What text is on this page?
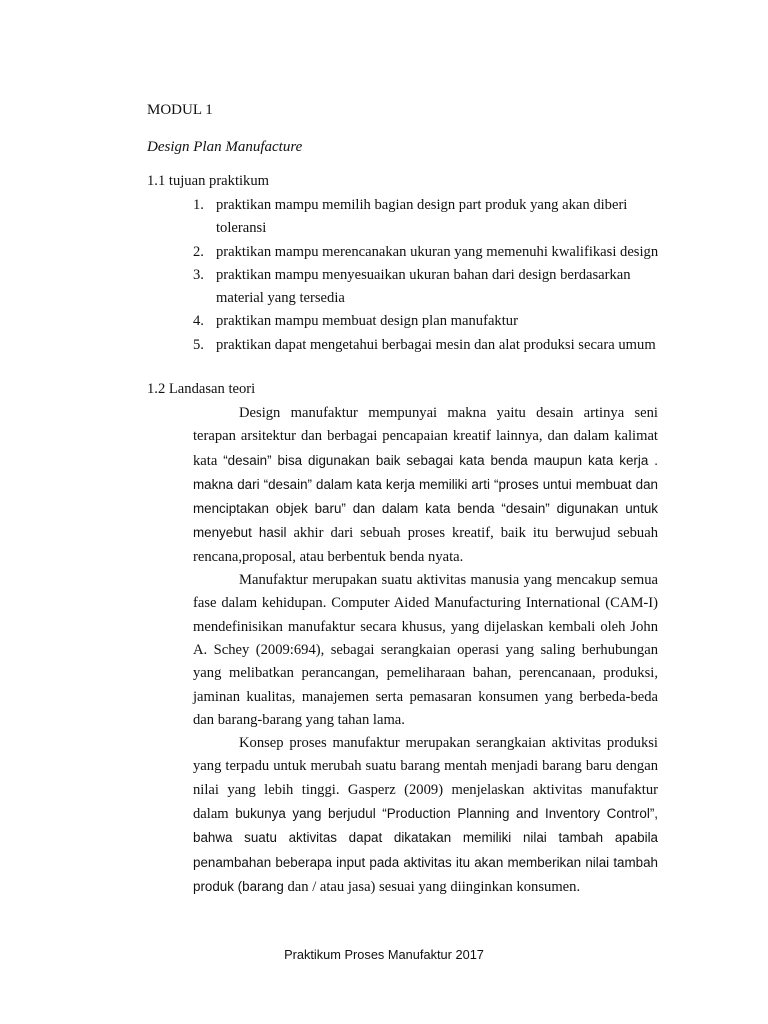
MODUL 1
Design Plan Manufacture
1.1 tujuan praktikum
1. praktikan mampu memilih bagian design part produk yang akan diberi toleransi
2. praktikan mampu merencanakan ukuran yang memenuhi kwalifikasi design
3. praktikan mampu menyesuaikan ukuran bahan dari design berdasarkan material yang tersedia
4. praktikan mampu membuat design plan manufaktur
5. praktikan dapat mengetahui berbagai mesin dan alat produksi secara umum
1.2 Landasan teori

Design manufaktur mempunyai makna yaitu desain artinya seni terapan arsitektur dan berbagai pencapaian kreatif lainnya, dan dalam kalimat kata “desain” bisa digunakan baik sebagai kata benda maupun kata kerja . makna dari “desain” dalam kata kerja memiliki arti “proses untui membuat dan menciptakan objek baru” dan dalam kata benda “desain” digunakan untuk menyebut hasil akhir dari sebuah proses kreatif, baik itu berwujud sebuah rencana,proposal, atau berbentuk benda nyata.

Manufaktur merupakan suatu aktivitas manusia yang mencakup semua fase dalam kehidupan. Computer Aided Manufacturing International (CAM-I) mendefinisikan manufaktur secara khusus, yang dijelaskan kembali oleh John A. Schey (2009:694), sebagai serangkaian operasi yang saling berhubungan yang melibatkan perancangan, pemeliharaan bahan, perencanaan, produksi, jaminan kualitas, manajemen serta pemasaran konsumen yang berbeda-beda dan barang-barang yang tahan lama.

Konsep proses manufaktur merupakan serangkaian aktivitas produksi yang terpadu untuk merubah suatu barang mentah menjadi barang baru dengan nilai yang lebih tinggi. Gasperz (2009) menjelaskan aktivitas manufaktur dalam bukunya yang berjudul “Production Planning and Inventory Control”, bahwa suatu aktivitas dapat dikatakan memiliki nilai tambah apabila penambahan beberapa input pada aktivitas itu akan memberikan nilai tambah produk (barang dan / atau jasa) sesuai yang diinginkan konsumen.

Praktikum Proses Manufaktur 2017
